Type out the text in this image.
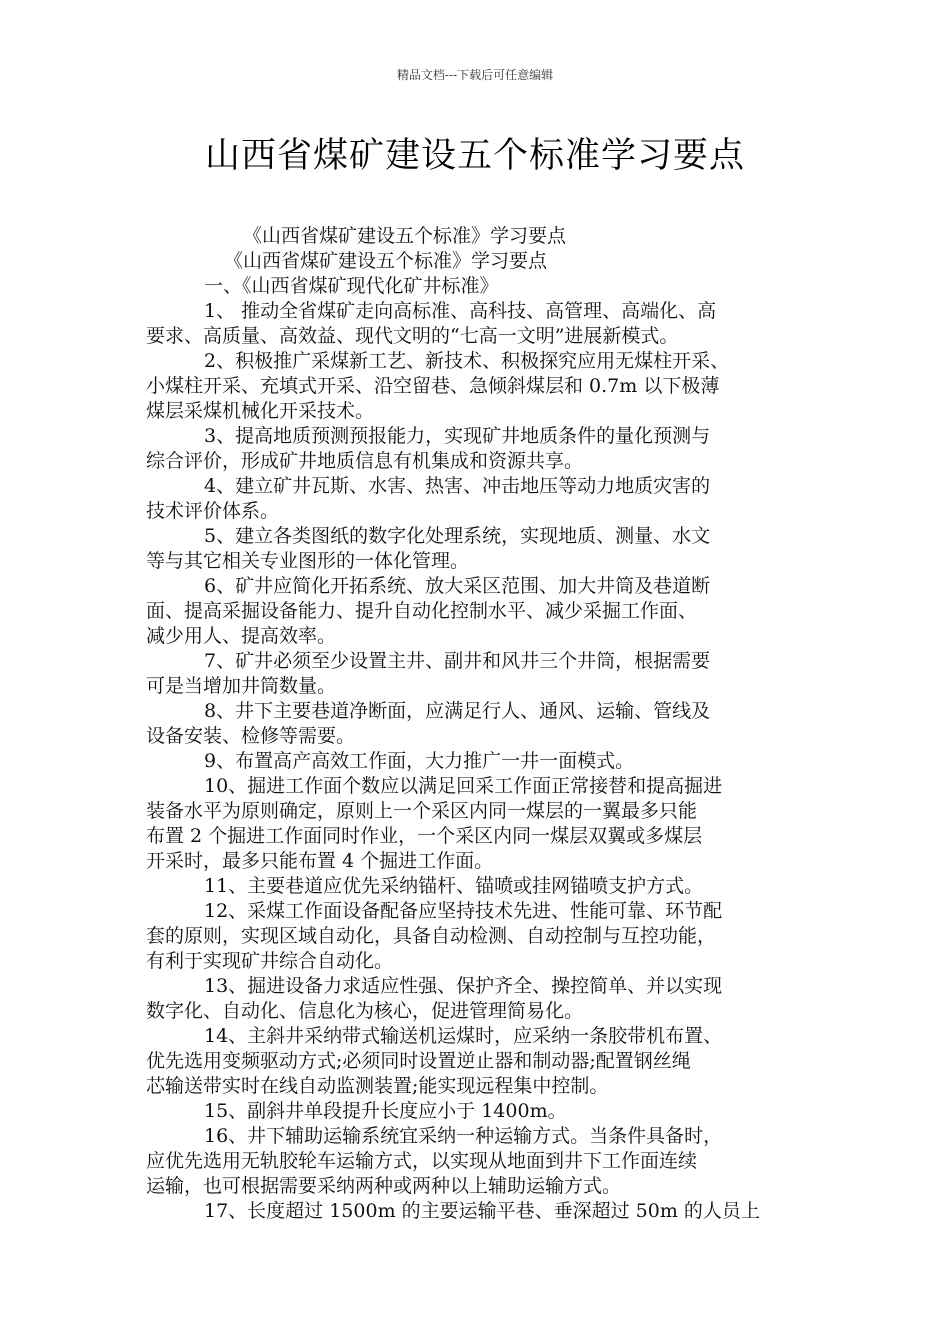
精品文档---下载后可任意编辑
山西省煤矿建设五个标准学习要点
《山西省煤矿建设五个标准》学习要点
《山西省煤矿建设五个标准》学习要点
一、《山西省煤矿现代化矿井标准》
1、 推动全省煤矿走向高标准、高科技、高管理、高端化、高
要求、高质量、高效益、现代文明的“七高一文明”进展新模式。
2、积极推广采煤新工艺、新技术、积极探究应用无煤柱开采、
小煤柱开采、充填式开采、沿空留巷、急倾斜煤层和 0.7m 以下极薄
煤层采煤机械化开采技术。
3、提高地质预测预报能力，实现矿井地质条件的量化预测与
综合评价，形成矿井地质信息有机集成和资源共享。
4、建立矿井瓦斯、水害、热害、冲击地压等动力地质灾害的
技术评价体系。
5、建立各类图纸的数字化处理系统，实现地质、测量、水文
等与其它相关专业图形的一体化管理。
6、矿井应简化开拓系统、放大采区范围、加大井筒及巷道断
面、提高采掘设备能力、提升自动化控制水平、减少采掘工作面、
减少用人、提高效率。
7、矿井必须至少设置主井、副井和风井三个井筒，根据需要
可是当增加井筒数量。
8、井下主要巷道净断面，应满足行人、通风、运输、管线及
设备安装、检修等需要。
9、布置高产高效工作面，大力推广一井一面模式。
10、掘进工作面个数应以满足回采工作面正常接替和提高掘进
装备水平为原则确定，原则上一个采区内同一煤层的一翼最多只能
布置 2 个掘进工作面同时作业，一个采区内同一煤层双翼或多煤层
开采时，最多只能布置 4 个掘进工作面。
11、主要巷道应优先采纳锚杆、锚喷或挂网锚喷支护方式。
12、采煤工作面设备配备应坚持技术先进、性能可靠、环节配
套的原则，实现区域自动化，具备自动检测、自动控制与互控功能，
有利于实现矿井综合自动化。
13、掘进设备力求适应性强、保护齐全、操控简单、并以实现
数字化、自动化、信息化为核心，促进管理简易化。
14、主斜井采纳带式输送机运煤时，应采纳一条胶带机布置、
优先选用变频驱动方式;必须同时设置逆止器和制动器;配置钢丝绳
芯输送带实时在线自动监测装置;能实现远程集中控制。
15、副斜井单段提升长度应小于 1400m。
16、井下辅助运输系统宜采纳一种运输方式。当条件具备时，
应优先选用无轨胶轮车运输方式，以实现从地面到井下工作面连续
运输，也可根据需要采纳两种或两种以上辅助运输方式。
17、长度超过 1500m 的主要运输平巷、垂深超过 50m 的人员上
